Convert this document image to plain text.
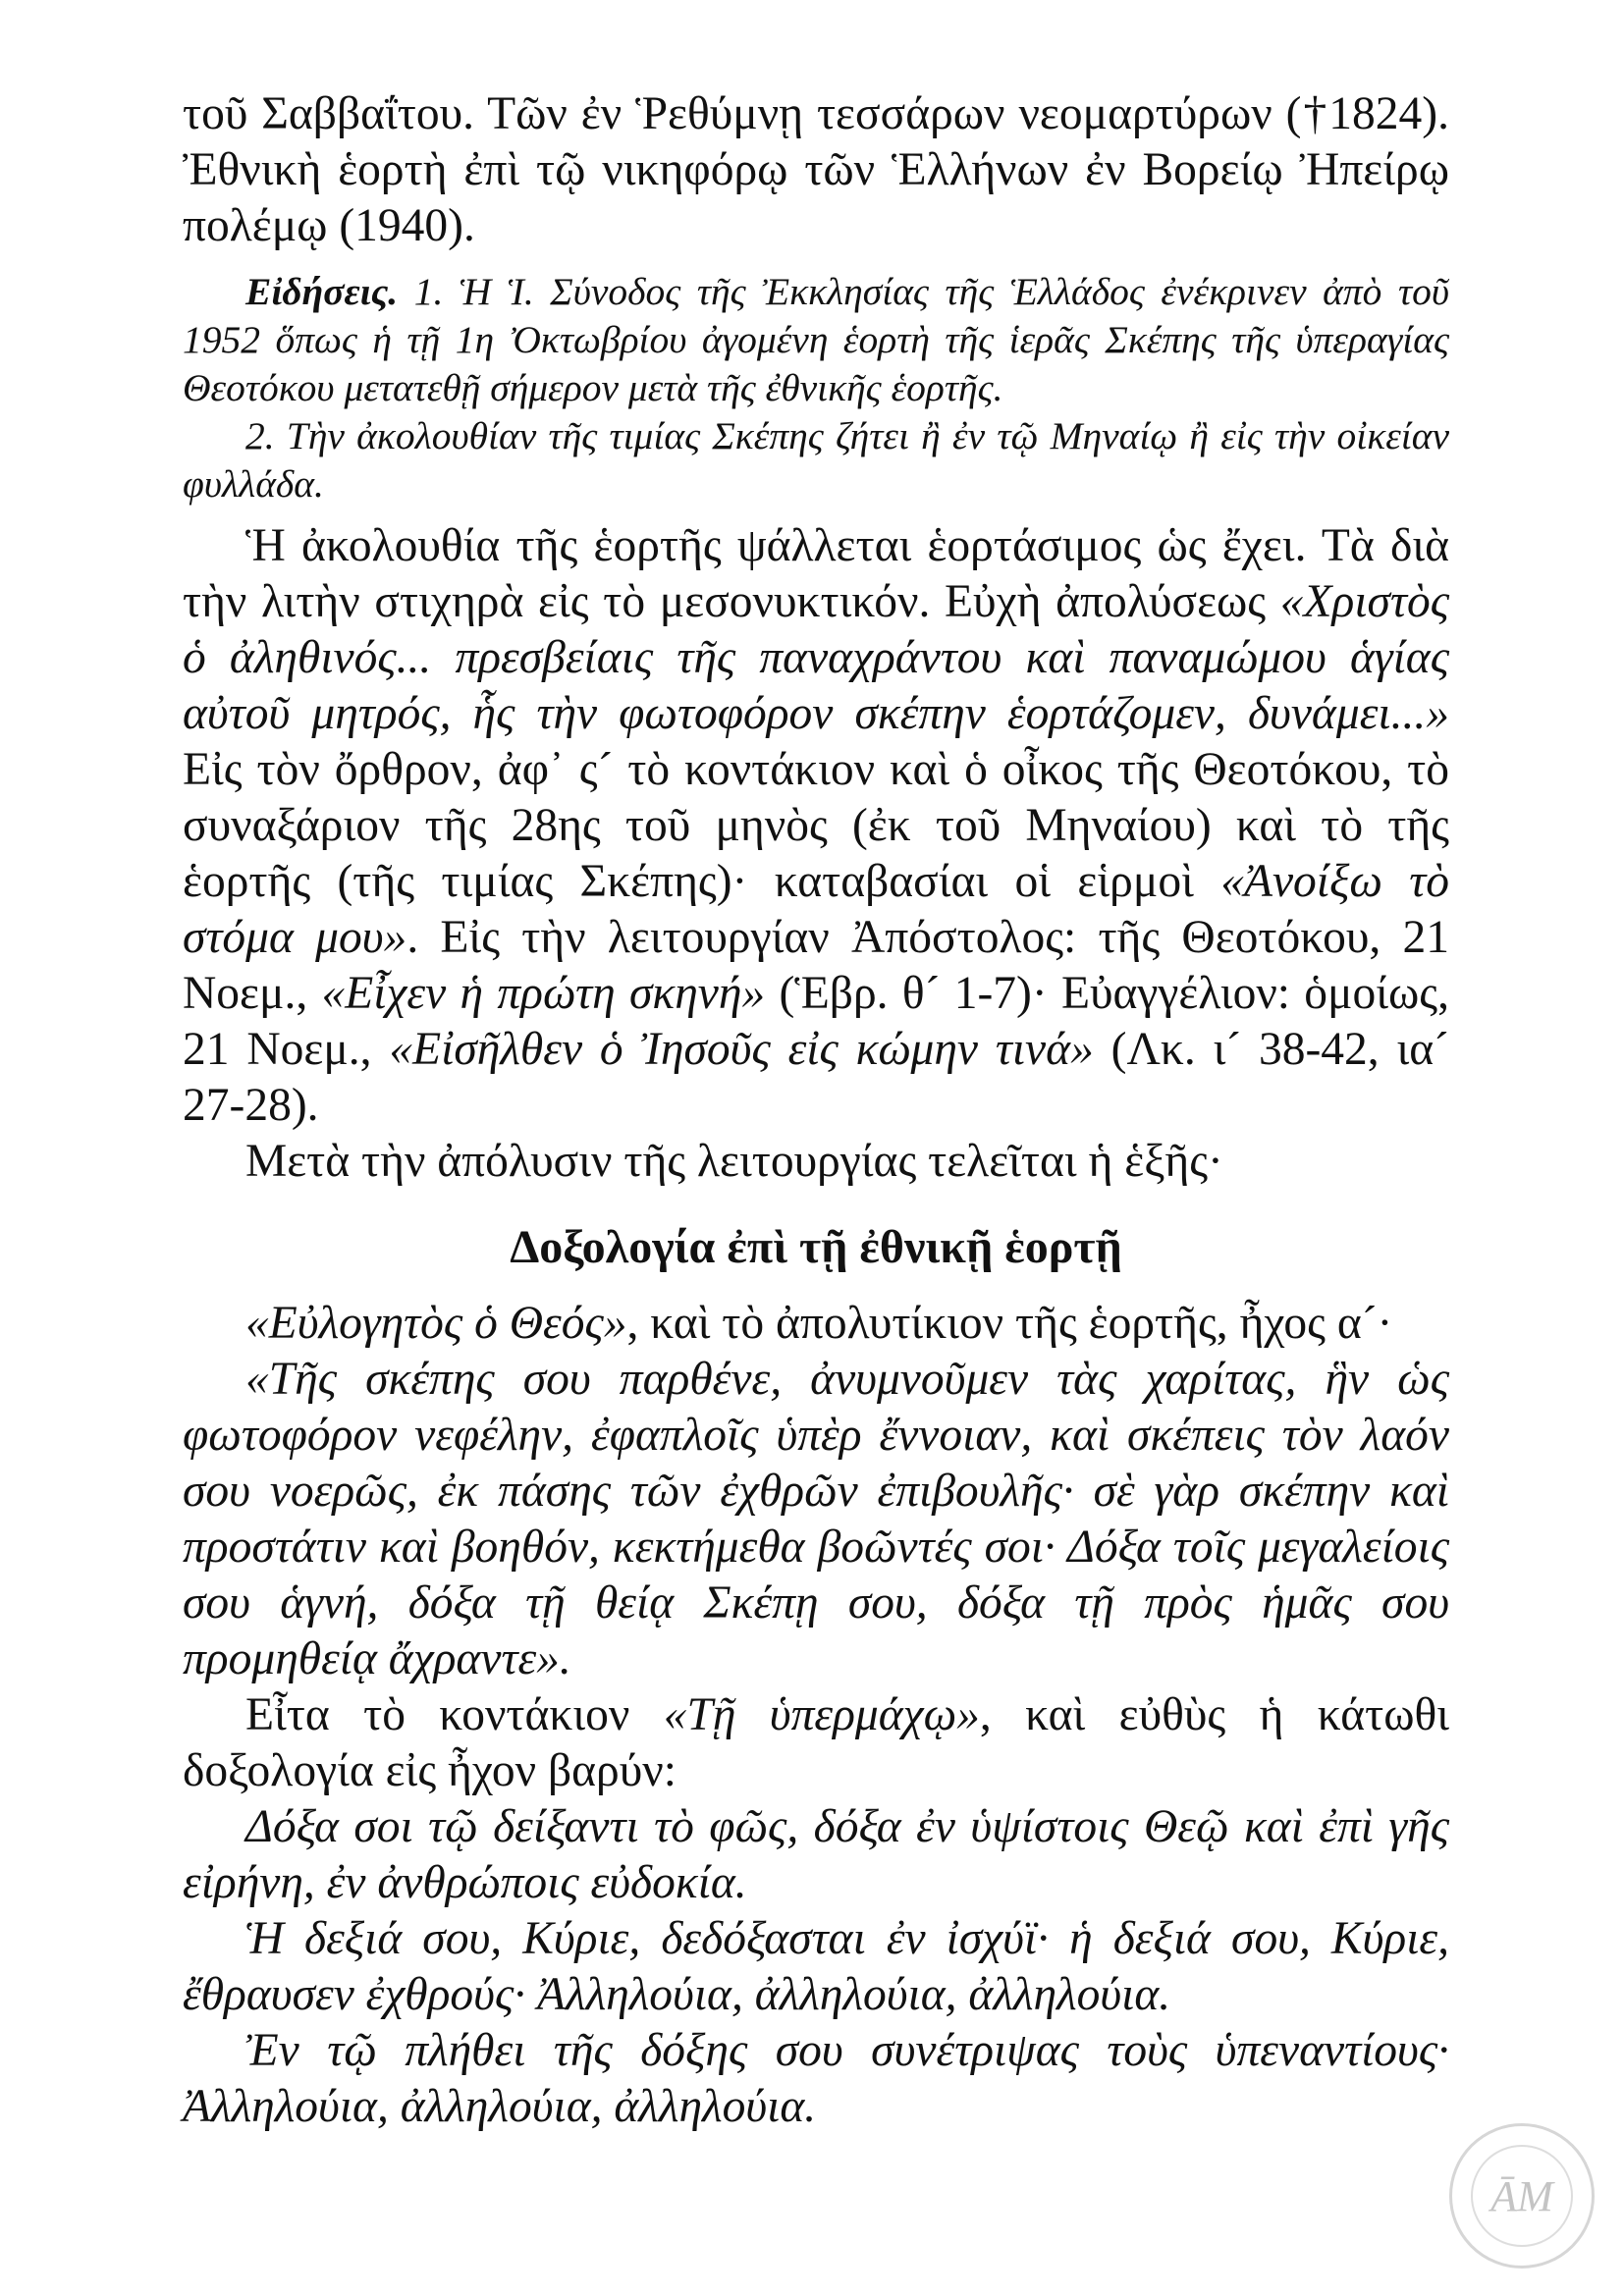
τοῦ Σαββαΐτου. Τῶν ἐν Ῥεθύμνῃ τεσσάρων νεομαρτύρων (†1824). Ἐθνικὴ ἑορτὴ ἐπὶ τῷ νικηφόρῳ τῶν Ἑλλήνων ἐν Βορείῳ Ἠπείρῳ πολέμῳ (1940).

Εἰδήσεις. 1. Ἡ Ἱ. Σύνοδος τῆς Ἐκκλησίας τῆς Ἑλλάδος ἐνέκρινεν ἀπὸ τοῦ 1952 ὅπως ἡ τῇ 1η Ὀκτωβρίου ἀγομένη ἑορτὴ τῆς ἱερᾶς Σκέπης τῆς ὑπεραγίας Θεοτόκου μετατεθῇ σήμερον μετὰ τῆς ἐθνικῆς ἑορτῆς.

2. Τὴν ἀκολουθίαν τῆς τιμίας Σκέπης ζήτει ἢ ἐν τῷ Μηναίῳ ἢ εἰς τὴν οἰκείαν φυλλάδα.

Ἡ ἀκολουθία τῆς ἑορτῆς ψάλλεται ἑορτάσιμος ὡς ἔχει. Τὰ διὰ τὴν λιτὴν στιχηρὰ εἰς τὸ μεσονυκτικόν. Εὐχὴ ἀπολύσεως «Χριστὸς ὁ ἀληθινός... πρεσβείαις τῆς παναχράντου καὶ παναμώμου ἁγίας αὐτοῦ μητρός, ἧς τὴν φωτοφόρον σκέπην ἑορτάζομεν, δυνάμει...» Εἰς τὸν ὄρθρον, ἀφ᾽ ς´ τὸ κοντάκιον καὶ ὁ οἶκος τῆς Θεοτόκου, τὸ συναξάριον τῆς 28ης τοῦ μηνὸς (ἐκ τοῦ Μηναίου) καὶ τὸ τῆς ἑορτῆς (τῆς τιμίας Σκέπης)· καταβασίαι οἱ εἱρμοὶ «Ἀνοίξω τὸ στόμα μου». Εἰς τὴν λειτουργίαν Ἀπόστολος: τῆς Θεοτόκου, 21 Νοεμ., «Εἶχεν ἡ πρώτη σκηνή» (Ἑβρ. θ´ 1-7)· Εὐαγγέλιον: ὁμοίως, 21 Νοεμ., «Εἰσῆλθεν ὁ Ἰησοῦς εἰς κώμην τινά» (Λκ. ι´ 38-42, ια´ 27-28).

Μετὰ τὴν ἀπόλυσιν τῆς λειτουργίας τελεῖται ἡ ἑξῆς·

Δοξολογία ἐπὶ τῇ ἐθνικῇ ἑορτῇ

«Εὐλογητὸς ὁ Θεός», καὶ τὸ ἀπολυτίκιον τῆς ἑορτῆς, ἦχος α´·

«Τῆς σκέπης σου παρθένε, ἀνυμνοῦμεν τὰς χαρίτας, ἣν ὡς φωτοφόρον νεφέλην, ἐφαπλοῖς ὑπὲρ ἔννοιαν, καὶ σκέπεις τὸν λαόν σου νοερῶς, ἐκ πάσης τῶν ἐχθρῶν ἐπιβουλῆς· σὲ γὰρ σκέπην καὶ προστάτιν καὶ βοηθόν, κεκτήμεθα βοῶντές σοι· Δόξα τοῖς μεγαλείοις σου ἁγνή, δόξα τῇ θείᾳ Σκέπῃ σου, δόξα τῇ πρὸς ἡμᾶς σου προμηθείᾳ ἄχραντε».

Εἶτα τὸ κοντάκιον «Τῇ ὑπερμάχῳ», καὶ εὐθὺς ἡ κάτωθι δοξολογία εἰς ἦχον βαρύν:

Δόξα σοι τῷ δείξαντι τὸ φῶς, δόξα ἐν ὑψίστοις Θεῷ καὶ ἐπὶ γῆς εἰρήνη, ἐν ἀνθρώποις εὐδοκία.

Ἡ δεξιά σου, Κύριε, δεδόξασται ἐν ἰσχύϊ· ἡ δεξιά σου, Κύριε, ἔθραυσεν ἐχθρούς· Ἀλληλούια, ἀλληλούια, ἀλληλούια.

Ἐν τῷ πλήθει τῆς δόξης σου συνέτριψας τοὺς ὑπεναντίους· Ἀλληλούια, ἀλληλούια, ἀλληλούια.

ᾹΜ
